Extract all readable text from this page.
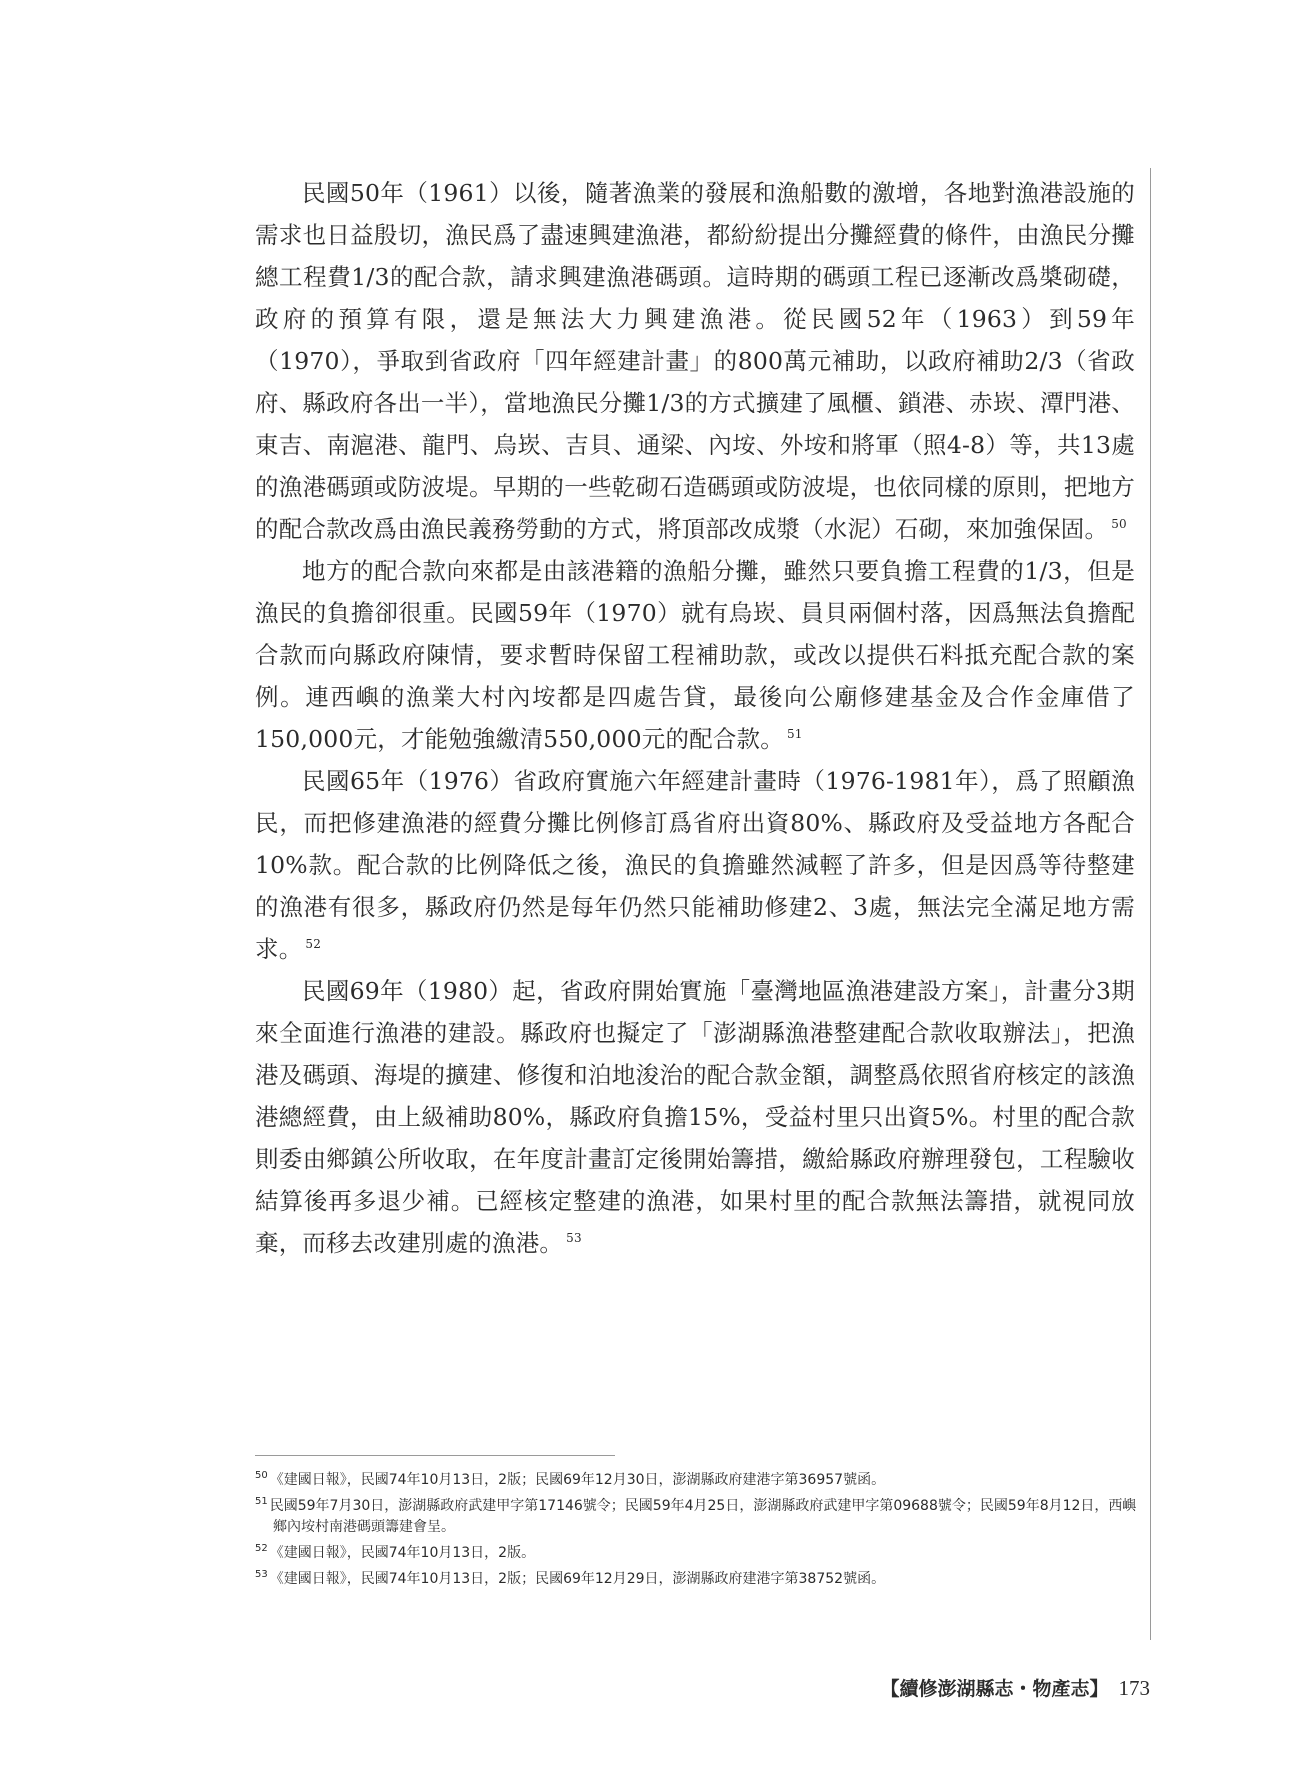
民國50年（1961）以後，隨著漁業的發展和漁船數的激增，各地對漁港設施的需求也日益殷切，漁民爲了盡速興建漁港，都紛紛提出分攤經費的條件，由漁民分攤總工程費1/3的配合款，請求興建漁港碼頭。這時期的碼頭工程已逐漸改爲槳砌礎，政府的預算有限，還是無法大力興建漁港。從民國52年（1963）到59年（1970），爭取到省政府「四年經建計畫」的800萬元補助，以政府補助2/3（省政府、縣政府各出一半），當地漁民分攤1/3的方式擴建了風櫃、鎖港、赤崁、潭門港、東吉、南滬港、龍門、烏崁、吉貝、通梁、內垵、外垵和將軍（照4-8）等，共13處的漁港碼頭或防波堤。早期的一些乾砌石造碼頭或防波堤，也依同樣的原則，把地方的配合款改爲由漁民義務勞動的方式，將頂部改成漿（水泥）石砌，來加強保固。 $^{50}$

地方的配合款向來都是由該港籍的漁船分攤，雖然只要負擔工程費的1/3，但是漁民的負擔卻很重。民國59年（1970）就有烏崁、員貝兩個村落，因爲無法負擔配合款而向縣政府陳情，要求暫時保留工程補助款，或改以提供石料抵充配合款的案例。連西嶼的漁業大村內垵都是四處告貸，最後向公廟修建基金及合作金庫借了150,000元，才能勉強繳清550,000元的配合款。 $^{51}$

民國65年（1976）省政府實施六年經建計畫時（1976-1981年），爲了照顧漁民，而把修建漁港的經費分攤比例修訂爲省府出資80%、縣政府及受益地方各配合10%款。配合款的比例降低之後，漁民的負擔雖然減輕了許多，但是因爲等待整建的漁港有很多，縣政府仍然是每年仍然只能補助修建2、3處，無法完全滿足地方需求。 $^{52}$

民國69年（1980）起，省政府開始實施「臺灣地區漁港建設方案」，計畫分3期來全面進行漁港的建設。縣政府也擬定了「澎湖縣漁港整建配合款收取辦法」，把漁港及碼頭、海堤的擴建、修復和泊地浚治的配合款金額，調整爲依照省府核定的該漁港總經費，由上級補助80%，縣政府負擔15%，受益村里只出資5%。村里的配合款則委由鄉鎮公所收取，在年度計畫訂定後開始籌措，繳給縣政府辦理發包，工程驗收結算後再多退少補。已經核定整建的漁港，如果村里的配合款無法籌措，就視同放棄，而移去改建別處的漁港。 $^{53}$

$^{50}$ 《建國日報》，民國74年10月13日，2版；民國69年12月30日，澎湖縣政府建港字第36957號函。

$^{51}$ 民國59年7月30日，澎湖縣政府武建甲字第17146號令；民國59年4月25日，澎湖縣政府武建甲字第09688號令；民國59年8月12日，西嶼鄉內垵村南港碼頭籌建會呈。

$^{52}$ 《建國日報》，民國74年10月13日，2版。

$^{53}$ 《建國日報》，民國74年10月13日，2版；民國69年12月29日，澎湖縣政府建港字第38752號函。

【續修澎湖縣志・物產志】 173
